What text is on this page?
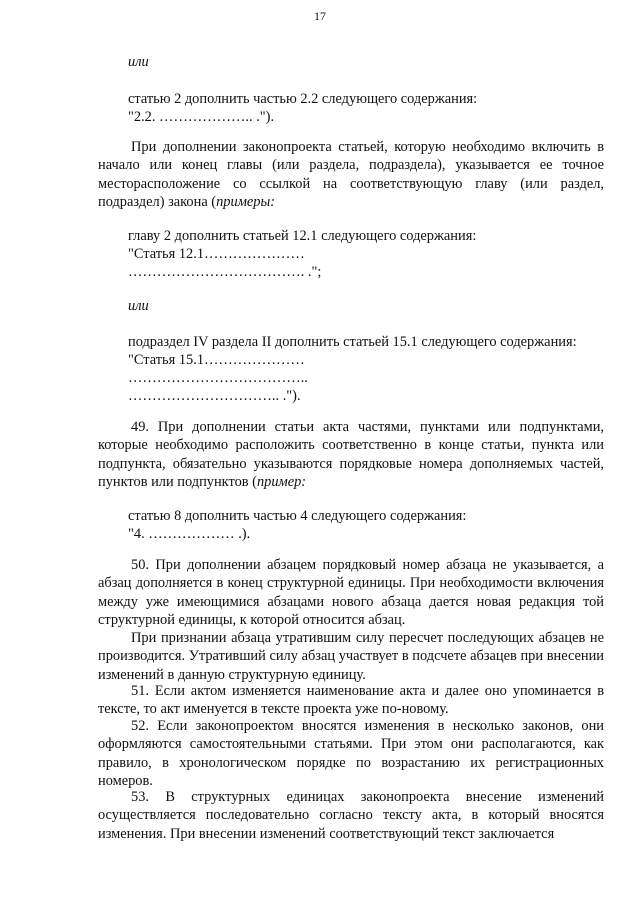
17
или
статью 2 дополнить частью 2.2 следующего содержания:
"2.2. ……………….. .").

При дополнении законопроекта статьей, которую необходимо включить в начало или конец главы (или раздела, подраздела), указывается ее точное месторасположение со ссылкой на соответствующую главу (или раздел, подраздел) закона (примеры:

главу 2 дополнить статьей 12.1 следующего содержания:
"Статья 12.1…………………
………………………………. .";
или
подраздел IV раздела II дополнить статьей 15.1 следующего содержания:
"Статья 15.1…………………
………………………………..
………………………….. .").

49. При дополнении статьи акта частями, пунктами или подпунктами, которые необходимо расположить соответственно в конце статьи, пункта или подпункта, обязательно указываются порядковые номера дополняемых частей, пунктов или подпунктов (пример:

статью 8 дополнить частью 4 следующего содержания:
"4. ……………… .).

50. При дополнении абзацем порядковый номер абзаца не указывается, а абзац дополняется в конец структурной единицы. При необходимости включения между уже имеющимися абзацами нового абзаца дается новая редакция той структурной единицы, к которой относится абзац.

При признании абзаца утратившим силу пересчет последующих абзацев не производится. Утративший силу абзац участвует в подсчете абзацев при внесении изменений в данную структурную единицу.

51. Если актом изменяется наименование акта и далее оно упоминается в тексте, то акт именуется в тексте проекта уже по-новому.

52. Если законопроектом вносятся изменения в несколько законов, они оформляются самостоятельными статьями. При этом они располагаются, как правило, в хронологическом порядке по возрастанию их регистрационных номеров.

53. В структурных единицах законопроекта внесение изменений осуществляется последовательно согласно тексту акта, в который вносятся изменения. При внесении изменений соответствующий текст заключается
